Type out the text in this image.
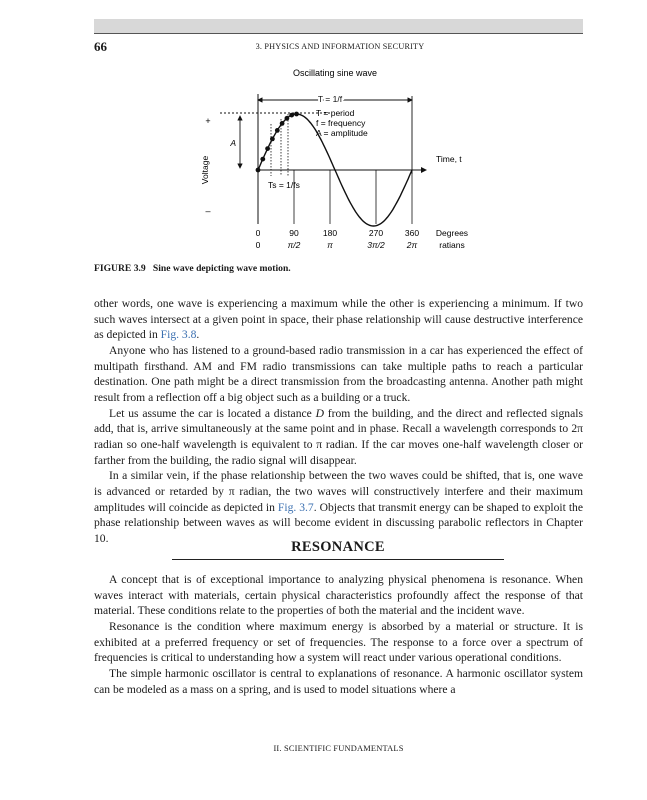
66	3. PHYSICS AND INFORMATION SECURITY
Oscillating sine wave
T = 1/f
T = period
f = frequency
A = amplitude
Time, t
A
+
–
Voltage
Ts = 1/fs
0	90	180	270	360
0	π/2	π	3π/2	2π
Degrees
ratians
FIGURE 3.9 Sine wave depicting wave motion.

other words, one wave is experiencing a maximum while the other is experiencing a minimum. If two such waves intersect at a given point in space, their phase relationship will cause destructive interference as depicted in Fig. 3.8.

Anyone who has listened to a ground-based radio transmission in a car has experienced the effect of multipath firsthand. AM and FM radio transmissions can take multiple paths to reach a particular destination. One path might be a direct transmission from the broadcasting antenna. Another path might result from a reflection off a big object such as a building or a truck.

Let us assume the car is located a distance D from the building, and the direct and reflected signals add, that is, arrive simultaneously at the same point and in phase. Recall a wavelength corresponds to 2π radian so one-half wavelength is equivalent to π radian. If the car moves one-half wavelength closer or farther from the building, the radio signal will disappear.

In a similar vein, if the phase relationship between the two waves could be shifted, that is, one wave is advanced or retarded by π radian, the two waves will constructively interfere and their maximum amplitudes will coincide as depicted in Fig. 3.7. Objects that transmit energy can be shaped to exploit the phase relationship between waves as will become evident in discussing parabolic reflectors in Chapter 10.

RESONANCE

A concept that is of exceptional importance to analyzing physical phenomena is resonance. When waves interact with materials, certain physical characteristics profoundly affect the response of that material. These conditions relate to the properties of both the material and the incident wave.

Resonance is the condition where maximum energy is absorbed by a material or structure. It is exhibited at a preferred frequency or set of frequencies. The response to a force over a spectrum of frequencies is critical to understanding how a system will react under various operational conditions.

The simple harmonic oscillator is central to explanations of resonance. A harmonic oscillator system can be modeled as a mass on a spring, and is used to model situations where a

II. SCIENTIFIC FUNDAMENTALS
